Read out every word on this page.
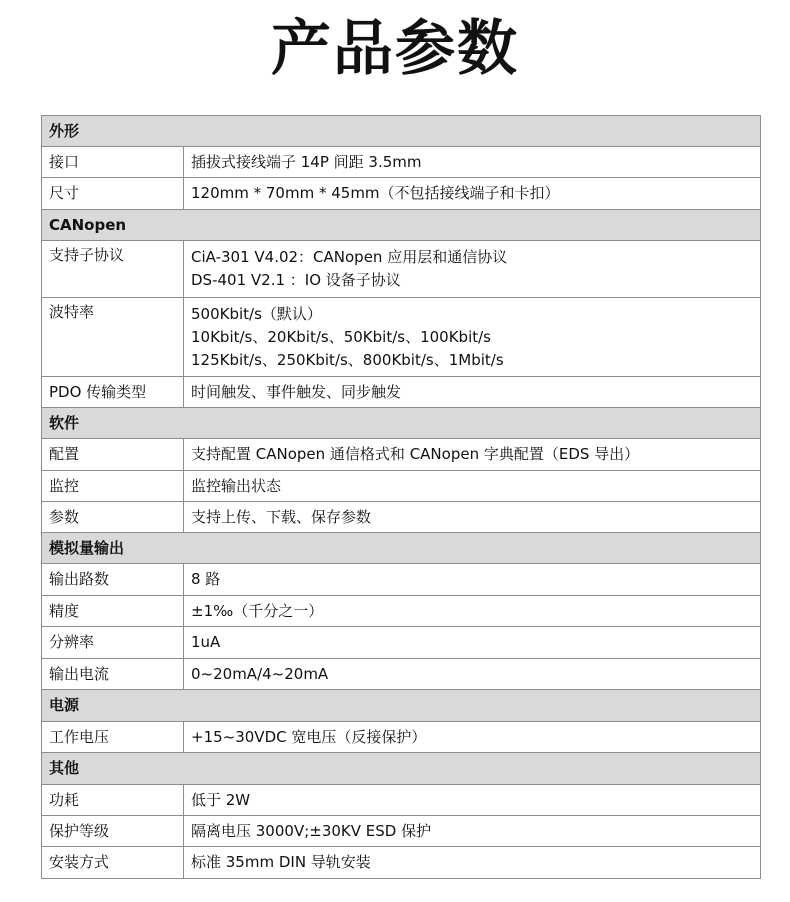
产品参数
外形	
接口	插拔式接线端子 14P 间距 3.5mm

尺寸	120mm * 70mm * 45mm（不包括接线端子和卡扣）

CANopen	
支持子协议	CiA-301 V4.02：CANopen 应用层和通信协议
DS-401 V2.1 ：IO 设备子协议

波特率	500Kbit/s（默认）
10Kbit/s、20Kbit/s、50Kbit/s、100Kbit/s
125Kbit/s、250Kbit/s、800Kbit/s、1Mbit/s

PDO 传输类型	时间触发、事件触发、同步触发

软件	
配置	支持配置 CANopen 通信格式和 CANopen 字典配置（EDS 导出）

监控	监控输出状态

参数	支持上传、下载、保存参数

模拟量输出	
输出路数	8 路

精度	±1‰（千分之一）

分辨率	1uA

输出电流	0~20mA/4~20mA

电源	
工作电压	+15~30VDC 宽电压（反接保护）

其他	
功耗	低于 2W

保护等级	隔离电压 3000V;±30KV ESD 保护

安装方式	标准 35mm DIN 导轨安装
